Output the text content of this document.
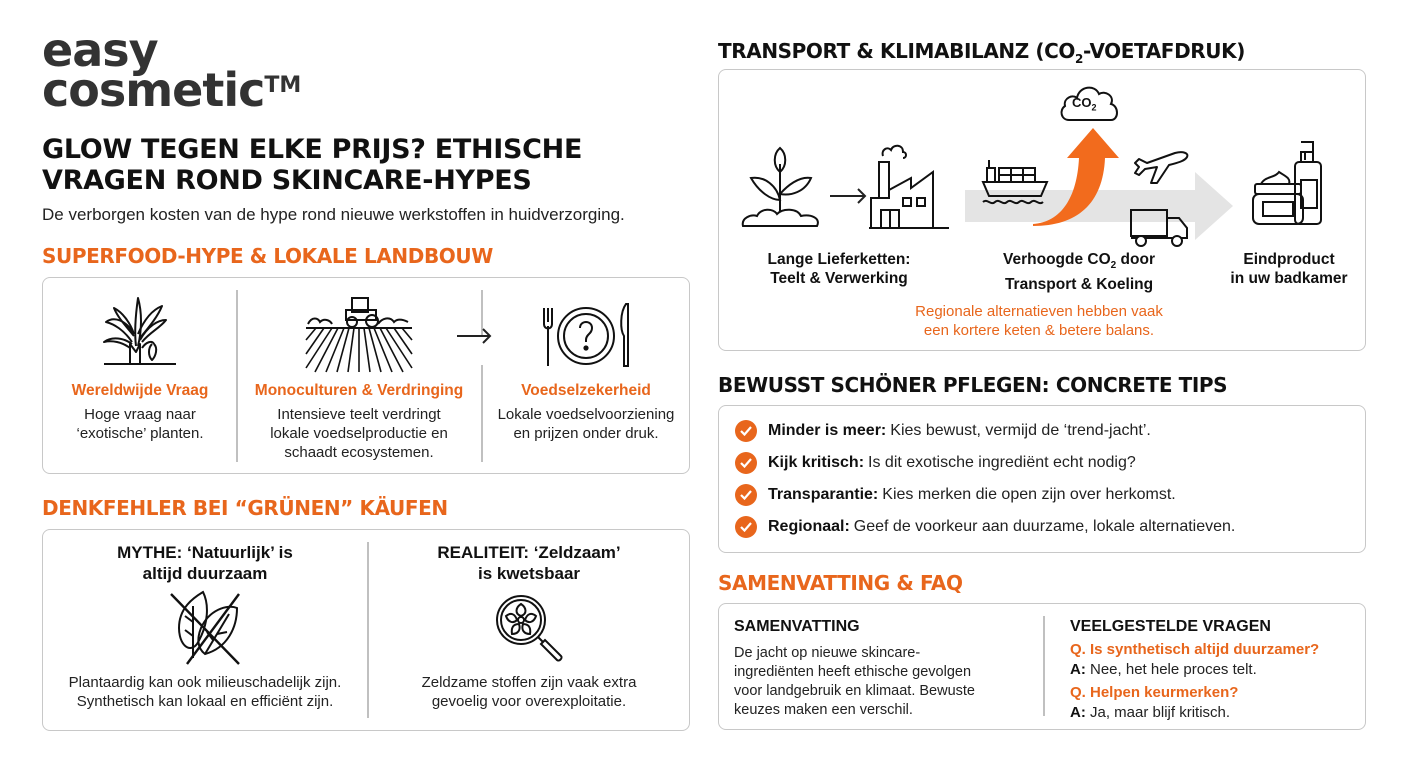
easy
cosmetic™
GLOW TEGEN ELKE PRIJS? ETHISCHE VRAGEN ROND SKINCARE-HYPES
De verborgen kosten van de hype rond nieuwe werkstoffen in huidverzorging.
SUPERFOOD-HYPE & LOKALE LANDBOUW
Wereldwijde Vraag
Hoge vraag naar
‘exotische’ planten.
Monoculturen & Verdringing
Intensieve teelt verdringt
lokale voedselproductie en
schaadt ecosystemen.
Voedselzekerheid
Lokale voedselvoorziening
en prijzen onder druk.
DENKFEHLER BEI “GRÜNEN” KÄUFEN
MYTHE: ‘Natuurlijk’ is
altijd duurzaam
Plantaardig kan ook milieuschadelijk zijn.
Synthetisch kan lokaal en efficiënt zijn.
REALITEIT: ‘Zeldzaam’
is kwetsbaar
Zeldzame stoffen zijn vaak extra
gevoelig voor overexploitatie.
TRANSPORT & KLIMABILANZ $(CO_2-VOETAFDRUK)$
$CO_2$
Lange Lieferketten:
Teelt & Verwerking
Verhoogde $CO_2$ door
Transport & Koeling
Eindproduct
in uw badkamer
Regionale alternatieven hebben vaak
een kortere keten & betere balans.
BEWUSST SCHÖNER PFLEGEN: CONCRETE TIPS
Minder is meer: Kies bewust, vermijd de ‘trend-jacht’.
Kijk kritisch: Is dit exotische ingrediënt echt nodig?
Transparantie: Kies merken die open zijn over herkomst.
Regionaal: Geef de voorkeur aan duurzame, lokale alternatieven.
SAMENVATTING & FAQ
SAMENVATTING
De jacht op nieuwe skincare-
ingrediënten heeft ethische gevolgen
voor landgebruik en klimaat. Bewuste
keuzes maken een verschil.
VEELGESTELDE VRAGEN
Q. Is synthetisch altijd duurzamer?
A: Nee, het hele proces telt.
Q. Helpen keurmerken?
A: Ja, maar blijf kritisch.
